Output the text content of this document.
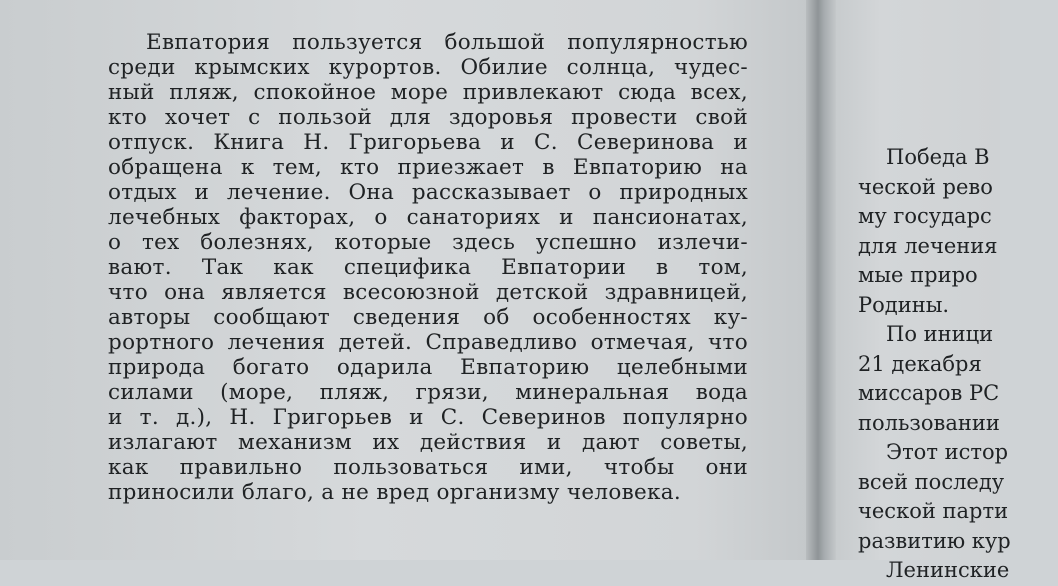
Евпатория пользуется большой популярностью
среди крымских курортов. Обилие солнца, чудес-
ный пляж, спокойное море привлекают сюда всех,
кто хочет с пользой для здоровья провести свой
отпуск. Книга Н. Григорьева и С. Северинова и
обращена к тем, кто приезжает в Евпаторию на
отдых и лечение. Она рассказывает о природных
лечебных факторах, о санаториях и пансионатах,
о тех болезнях, которые здесь успешно излечи-
вают. Так как специфика Евпатории в том,
что она является всесоюзной детской здравницей,
авторы сообщают сведения об особенностях ку-
рортного лечения детей. Справедливо отмечая, что
природа богато одарила Евпаторию целебными
силами (море, пляж, грязи, минеральная вода
и т. д.), Н. Григорьев и С. Северинов популярно
излагают механизм их действия и дают советы,
как правильно пользоваться ими, чтобы они
приносили благо, а не вред организму человека.
Победа В
ческой рево
му государс
для лечения
мые приро
Родины.
По иници
21 декабря
миссаров РС
пользовании
Этот истор
всей последу
ческой парти
развитию кур
Ленинские
